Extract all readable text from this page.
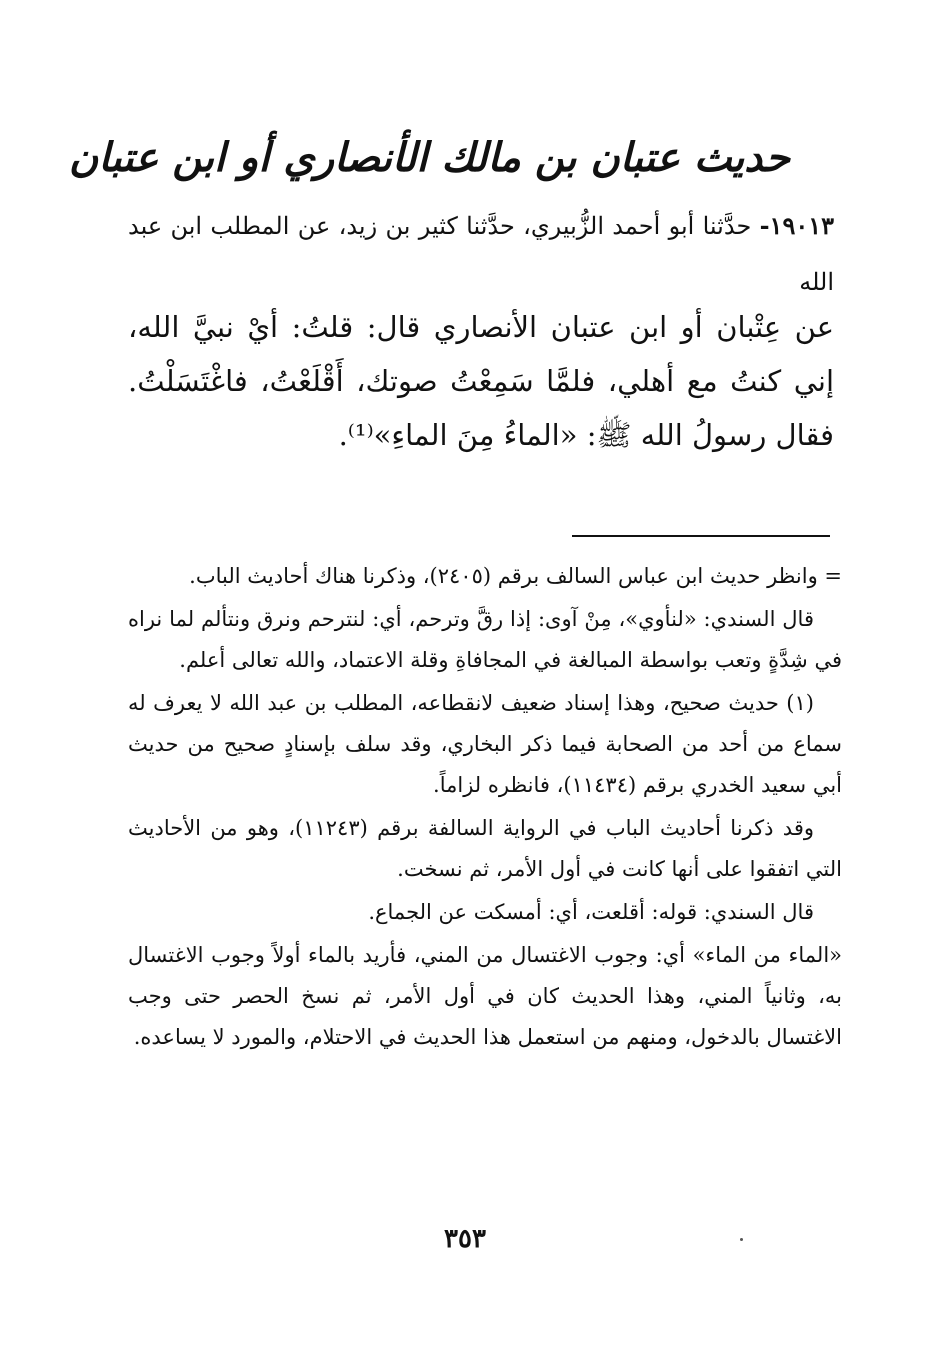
حديث عتبان بن مالك الأنصاري أو ابن عتبان
١٩٠١٣- حدَّثنا أبو أحمد الزُّبيري، حدَّثنا كثير بن زيد، عن المطلب ابن عبد الله
عن عِتْبان أو ابن عتبان الأنصاري قال: قلتُ: أيْ نبيَّ الله، إني كنتُ مع أهلي، فلمَّا سَمِعْتُ صوتك، أَقْلَعْتُ، فاغْتَسَلْتُ. فقال رسولُ الله ﷺ: «الماءُ مِنَ الماءِ»⁽¹⁾.

= وانظر حديث ابن عباس السالف برقم (٢٤٠٥)، وذكرنا هناك أحاديث الباب.

قال السندي: «لنأوي»، مِنْ آوى: إذا رقَّ وترحم، أي: لنترحم ونرق ونتألم لما نراه في شِدَّةٍ وتعب بواسطة المبالغة في المجافاةِ وقلة الاعتماد، والله تعالى أعلم.

(١) حديث صحيح، وهذا إسناد ضعيف لانقطاعه، المطلب بن عبد الله لا يعرف له سماع من أحد من الصحابة فيما ذكر البخاري، وقد سلف بإسنادٍ صحيح من حديث أبي سعيد الخدري برقم (١١٤٣٤)، فانظره لزاماً.

وقد ذكرنا أحاديث الباب في الرواية السالفة برقم (١١٢٤٣)، وهو من الأحاديث التي اتفقوا على أنها كانت في أول الأمر، ثم نسخت.

قال السندي: قوله: أقلعت، أي: أمسكت عن الجماع.

«الماء من الماء» أي: وجوب الاغتسال من المني، فأريد بالماء أولاً وجوب الاغتسال به، وثانياً المني، وهذا الحديث كان في أول الأمر، ثم نسخ الحصر حتى وجب الاغتسال بالدخول، ومنهم من استعمل هذا الحديث في الاحتلام، والمورد لا يساعده.

٣٥٣
